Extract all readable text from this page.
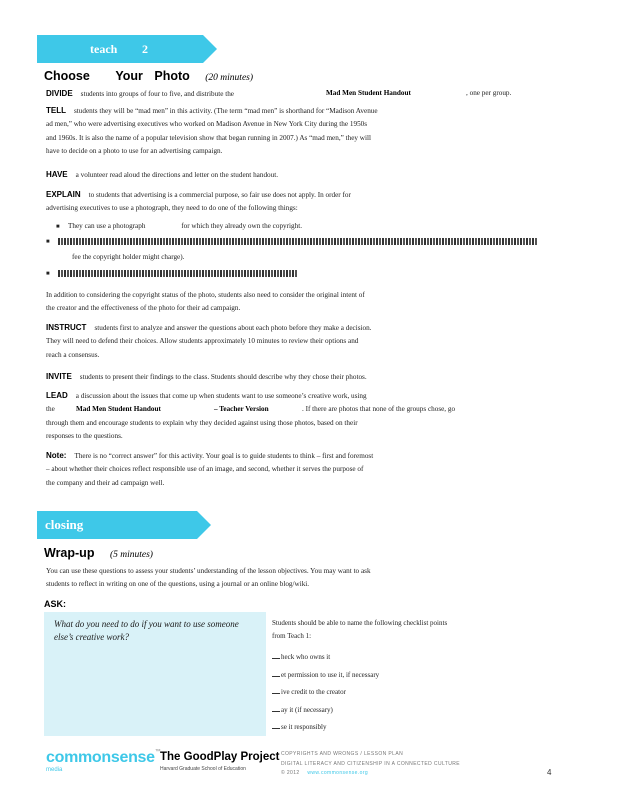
teach 2
Choose Your Photo (20 minutes)
DIVIDE students into groups of four to five, and distribute the	Mad Men Student Handout	, one per group.
TELL students they will be “mad men” in this activity. (The term “mad men” is shorthand for “Madison Avenue
ad men,” who were advertising executives who worked on Madison Avenue in New York City during the 1950s
and 1960s. It is also the name of a popular television show that began running in 2007.) As “mad men,” they will
have to decide on a photo to use for an advertising campaign.
HAVE a volunteer read aloud the directions and letter on the student handout.
EXPLAIN to students that advertising is a commercial purpose, so fair use does not apply. In order for
advertising executives to use a photograph, they need to do one of the following things:
■ They can use a photograph	for which they already own the copyright.
■
fee the copyright holder might charge).
■
In addition to considering the copyright status of the photo, students also need to consider the original intent of
the creator and the effectiveness of the photo for their ad campaign.
INSTRUCT students first to analyze and answer the questions about each photo before they make a decision.
They will need to defend their choices. Allow students approximately 10 minutes to review their options and
reach a consensus.
INVITE students to present their findings to the class. Students should describe why they chose their photos.
LEAD a discussion about the issues that come up when students want to use someone’s creative work, using
the	Mad Men Student Handout	– Teacher Version	. If there are photos that none of the groups chose, go

through them and encourage students to explain why they decided against using those photos, based on their
responses to the questions.
Note: There is no “correct answer” for this activity. Your goal is to guide students to think – first and foremost
– about whether their choices reflect responsible use of an image, and second, whether it serves the purpose of
the company and their ad campaign well.
closing
Wrap-up (5 minutes)
You can use these questions to assess your students’ understanding of the lesson objectives. You may want to ask
students to reflect in writing on one of the questions, using a journal or an online blog/wiki.
ASK:
What do you need to do if you want to use someone else’s creative work?
Students should be able to name the following checklist points
from Teach 1:
heck who owns it
et permission to use it, if necessary
ive credit to the creator
ay it (if necessary)
se it responsibly
commonsense™
media
The GoodPlay Project
Harvard Graduate School of Education
COPYRIGHTS AND WRONGS / LESSON PLAN
DIGITAL LITERACY AND CITIZENSHIP IN A CONNECTED CULTURE
© 2012 www.commonsense.org	4
